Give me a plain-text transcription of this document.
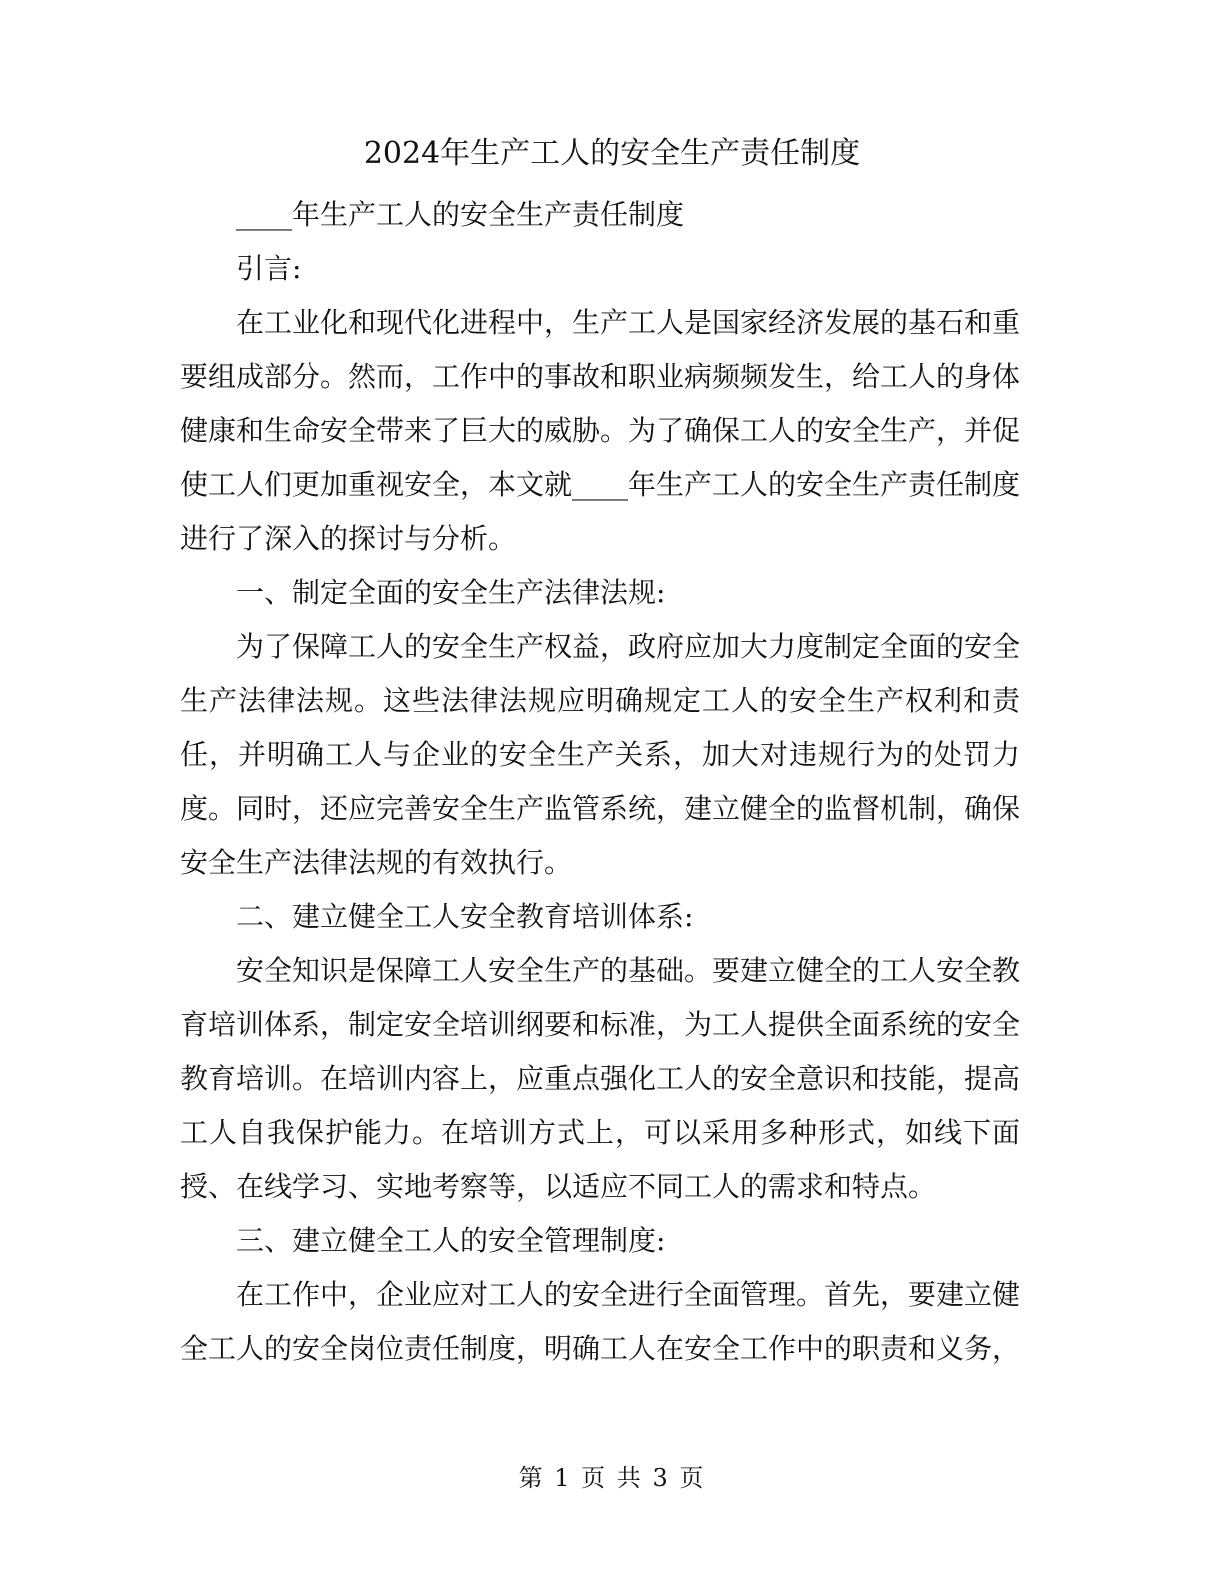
2024年生产工人的安全生产责任制度

____年生产工人的安全生产责任制度

引言:

在工业化和现代化进程中，生产工人是国家经济发展的基石和重要组成部分。然而，工作中的事故和职业病频频发生，给工人的身体健康和生命安全带来了巨大的威胁。为了确保工人的安全生产，并促使工人们更加重视安全，本文就____年生产工人的安全生产责任制度进行了深入的探讨与分析。

一、制定全面的安全生产法律法规:

为了保障工人的安全生产权益，政府应加大力度制定全面的安全生产法律法规。这些法律法规应明确规定工人的安全生产权利和责任，并明确工人与企业的安全生产关系，加大对违规行为的处罚力度。同时，还应完善安全生产监管系统，建立健全的监督机制，确保安全生产法律法规的有效执行。

二、建立健全工人安全教育培训体系:

安全知识是保障工人安全生产的基础。要建立健全的工人安全教育培训体系，制定安全培训纲要和标准，为工人提供全面系统的安全教育培训。在培训内容上，应重点强化工人的安全意识和技能，提高工人自我保护能力。在培训方式上，可以采用多种形式，如线下面授、在线学习、实地考察等，以适应不同工人的需求和特点。

三、建立健全工人的安全管理制度:

在工作中，企业应对工人的安全进行全面管理。首先，要建立健全工人的安全岗位责任制度，明确工人在安全工作中的职责和义务，

第 1 页 共 3 页
